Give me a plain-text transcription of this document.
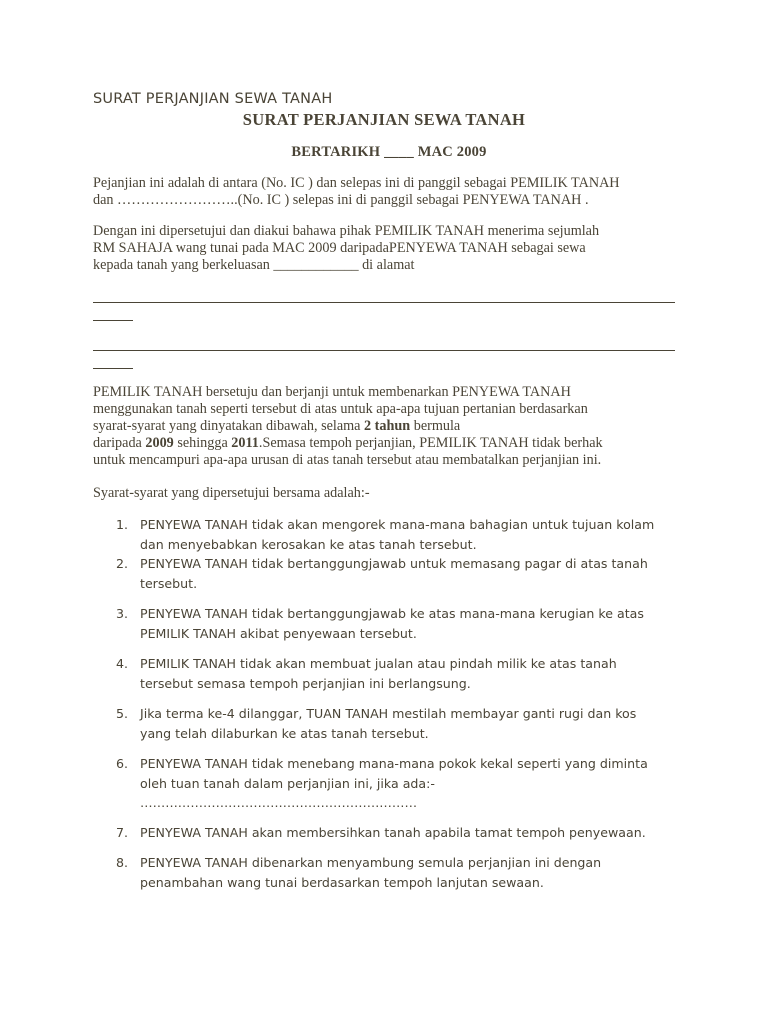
SURAT PERJANJIAN SEWA TANAH
SURAT PERJANJIAN SEWA TANAH
BERTARIKH ____ MAC 2009
Pejanjian ini adalah di antara (No. IC ) dan selepas ini di panggil sebagai PEMILIK TANAH
dan ……………………..(No. IC ) selepas ini di panggil sebagai PENYEWA TANAH .
Dengan ini dipersetujui dan diakui bahawa pihak PEMILIK TANAH menerima sejumlah
RM SAHAJA wang tunai pada MAC 2009 daripadaPENYEWA TANAH sebagai sewa
kepada tanah yang berkeluasan ____________ di alamat
PEMILIK TANAH bersetuju dan berjanji untuk membenarkan PENYEWA TANAH
menggunakan tanah seperti tersebut di atas untuk apa-apa tujuan pertanian berdasarkan
syarat-syarat yang dinyatakan dibawah, selama 2 tahun bermula
daripada 2009 sehingga 2011.Semasa tempoh perjanjian, PEMILIK TANAH tidak berhak
untuk mencampuri apa-apa urusan di atas tanah tersebut atau membatalkan perjanjian ini.
Syarat-syarat yang dipersetujui bersama adalah:-
1. PENYEWA TANAH tidak akan mengorek mana-mana bahagian untuk tujuan kolam
dan menyebabkan kerosakan ke atas tanah tersebut.
2. PENYEWA TANAH tidak bertanggungjawab untuk memasang pagar di atas tanah
tersebut.
3. PENYEWA TANAH tidak bertanggungjawab ke atas mana-mana kerugian ke atas
PEMILIK TANAH akibat penyewaan tersebut.
4. PEMILIK TANAH tidak akan membuat jualan atau pindah milik ke atas tanah
tersebut semasa tempoh perjanjian ini berlangsung.
5. Jika terma ke-4 dilanggar, TUAN TANAH mestilah membayar ganti rugi dan kos
yang telah dilaburkan ke atas tanah tersebut.
6. PENYEWA TANAH tidak menebang mana-mana pokok kekal seperti yang diminta
oleh tuan tanah dalam perjanjian ini, jika ada:-
…………………………………………………………
7. PENYEWA TANAH akan membersihkan tanah apabila tamat tempoh penyewaan.
8. PENYEWA TANAH dibenarkan menyambung semula perjanjian ini dengan
penambahan wang tunai berdasarkan tempoh lanjutan sewaan.
